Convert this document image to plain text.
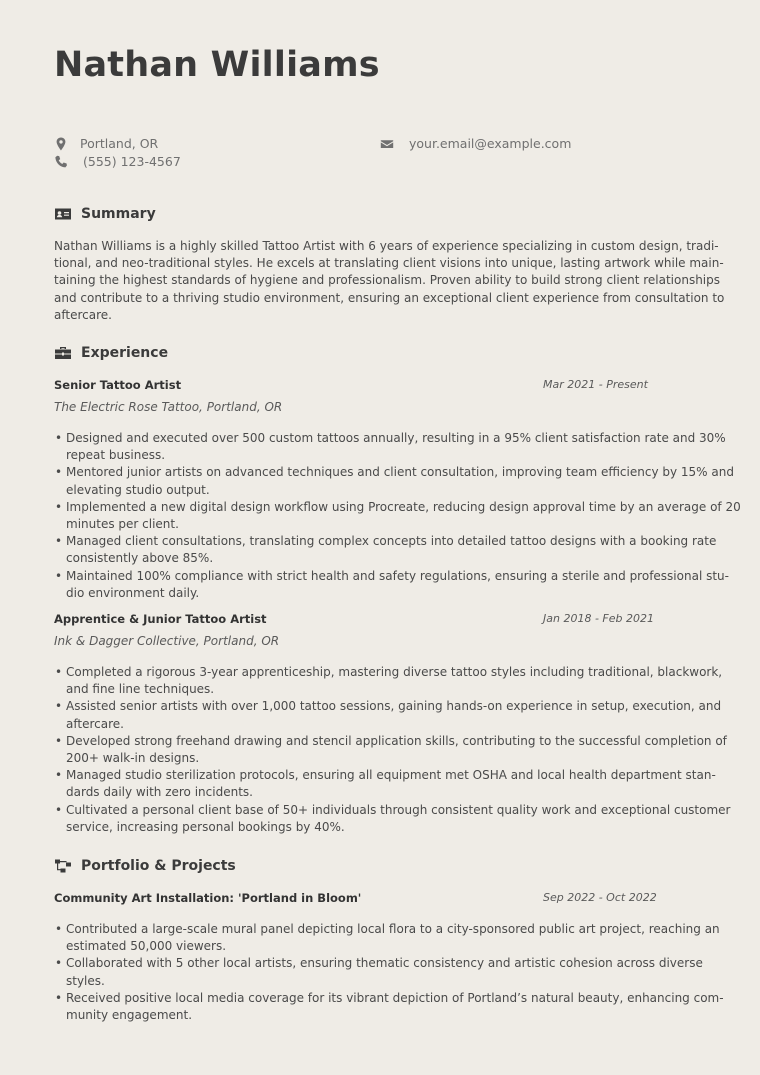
Nathan Williams
Portland, OR
(555) 123-4567
your.email@example.com
Summary
Nathan Williams is a highly skilled Tattoo Artist with 6 years of experience specializing in custom design, tradi-
tional, and neo-traditional styles. He excels at translating client visions into unique, lasting artwork while main-
taining the highest standards of hygiene and professionalism. Proven ability to build strong client relationships
and contribute to a thriving studio environment, ensuring an exceptional client experience from consultation to
aftercare.
Experience
Senior Tattoo Artist	Mar 2021 - Present
The Electric Rose Tattoo, Portland, OR
• Designed and executed over 500 custom tattoos annually, resulting in a 95% client satisfaction rate and 30%
repeat business.
• Mentored junior artists on advanced techniques and client consultation, improving team efficiency by 15% and
elevating studio output.
• Implemented a new digital design workflow using Procreate, reducing design approval time by an average of 20
minutes per client.
• Managed client consultations, translating complex concepts into detailed tattoo designs with a booking rate
consistently above 85%.
• Maintained 100% compliance with strict health and safety regulations, ensuring a sterile and professional stu-
dio environment daily.
Apprentice & Junior Tattoo Artist	Jan 2018 - Feb 2021
Ink & Dagger Collective, Portland, OR
• Completed a rigorous 3-year apprenticeship, mastering diverse tattoo styles including traditional, blackwork,
and fine line techniques.
• Assisted senior artists with over 1,000 tattoo sessions, gaining hands-on experience in setup, execution, and
aftercare.
• Developed strong freehand drawing and stencil application skills, contributing to the successful completion of
200+ walk-in designs.
• Managed studio sterilization protocols, ensuring all equipment met OSHA and local health department stan-
dards daily with zero incidents.
• Cultivated a personal client base of 50+ individuals through consistent quality work and exceptional customer
service, increasing personal bookings by 40%.
Portfolio & Projects
Community Art Installation: 'Portland in Bloom'	Sep 2022 - Oct 2022
• Contributed a large-scale mural panel depicting local flora to a city-sponsored public art project, reaching an
estimated 50,000 viewers.
• Collaborated with 5 other local artists, ensuring thematic consistency and artistic cohesion across diverse
styles.
• Received positive local media coverage for its vibrant depiction of Portland’s natural beauty, enhancing com-
munity engagement.
